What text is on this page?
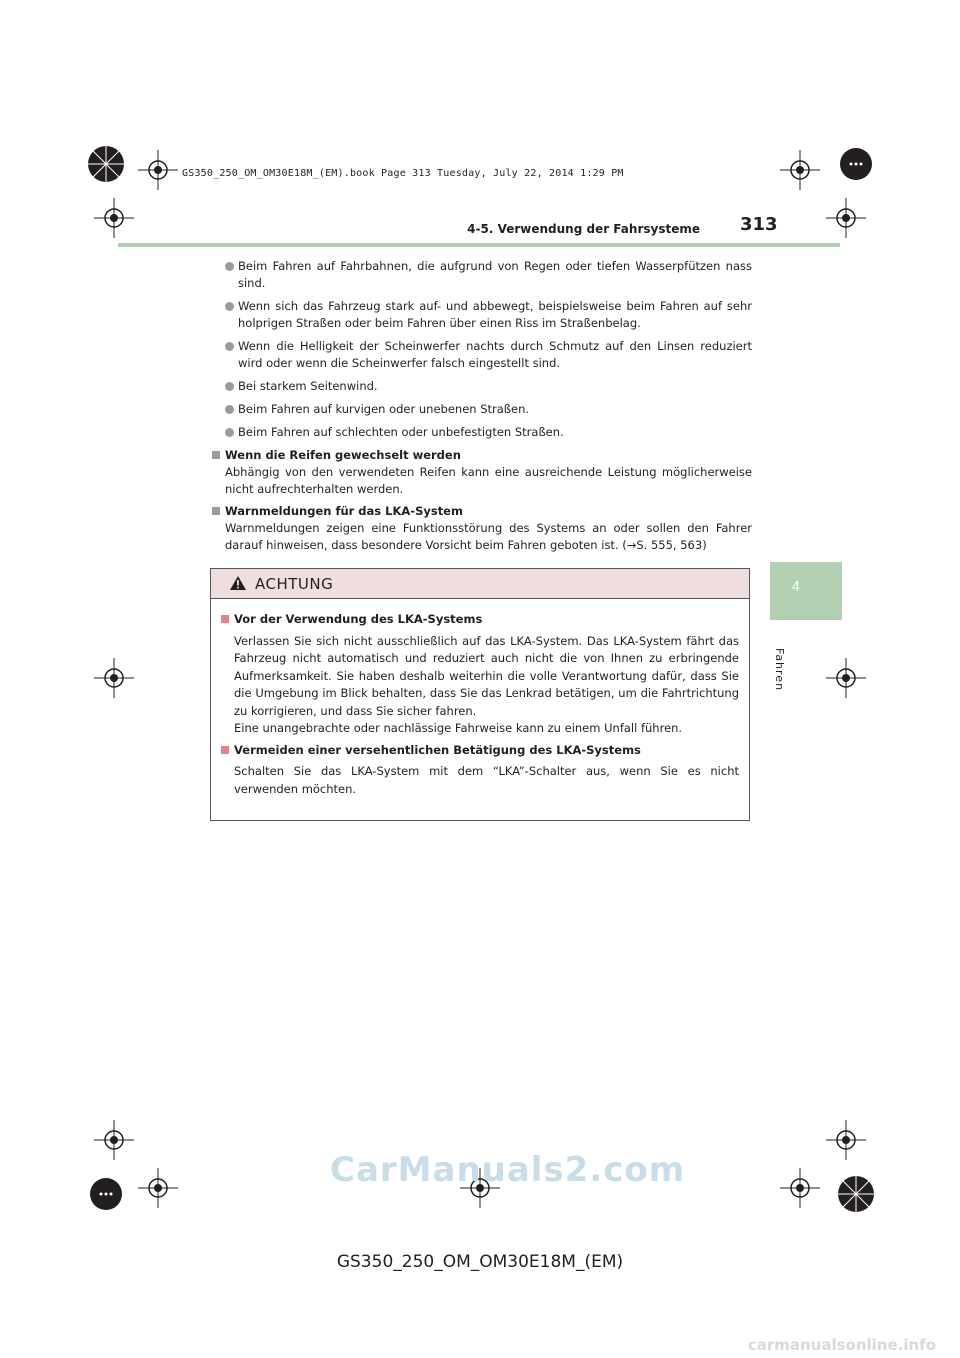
GS350_250_OM_OM30E18M_(EM).book Page 313 Tuesday, July 22, 2014 1:29 PM
4-5. Verwendung der Fahrsysteme 313
4
Fahren
Beim Fahren auf Fahrbahnen, die aufgrund von Regen oder tiefen Wasserpfützen nass sind.
Wenn sich das Fahrzeug stark auf- und abbewegt, beispielsweise beim Fahren auf sehr holprigen Straßen oder beim Fahren über einen Riss im Straßenbelag.
Wenn die Helligkeit der Scheinwerfer nachts durch Schmutz auf den Linsen reduziert wird oder wenn die Scheinwerfer falsch eingestellt sind.
Bei starkem Seitenwind.
Beim Fahren auf kurvigen oder unebenen Straßen.
Beim Fahren auf schlechten oder unbefestigten Straßen.
Wenn die Reifen gewechselt werden
Abhängig von den verwendeten Reifen kann eine ausreichende Leistung möglicherweise nicht aufrechterhalten werden.
Warnmeldungen für das LKA-System
Warnmeldungen zeigen eine Funktionsstörung des Systems an oder sollen den Fahrer darauf hinweisen, dass besondere Vorsicht beim Fahren geboten ist. (→S. 555, 563)
ACHTUNG
Vor der Verwendung des LKA-Systems
Verlassen Sie sich nicht ausschließlich auf das LKA-System. Das LKA-System fährt das Fahrzeug nicht automatisch und reduziert auch nicht die von Ihnen zu erbringende Aufmerksamkeit. Sie haben deshalb weiterhin die volle Verantwortung dafür, dass Sie die Umgebung im Blick behalten, dass Sie das Lenkrad betätigen, um die Fahrtrichtung zu korrigieren, und dass Sie sicher fahren.
Eine unangebrachte oder nachlässige Fahrweise kann zu einem Unfall führen.
Vermeiden einer versehentlichen Betätigung des LKA-Systems
Schalten Sie das LKA-System mit dem “LKA”-Schalter aus, wenn Sie es nicht verwenden möchten.
CarManuals2.com
GS350_250_OM_OM30E18M_(EM)
carmanualsonline.info
